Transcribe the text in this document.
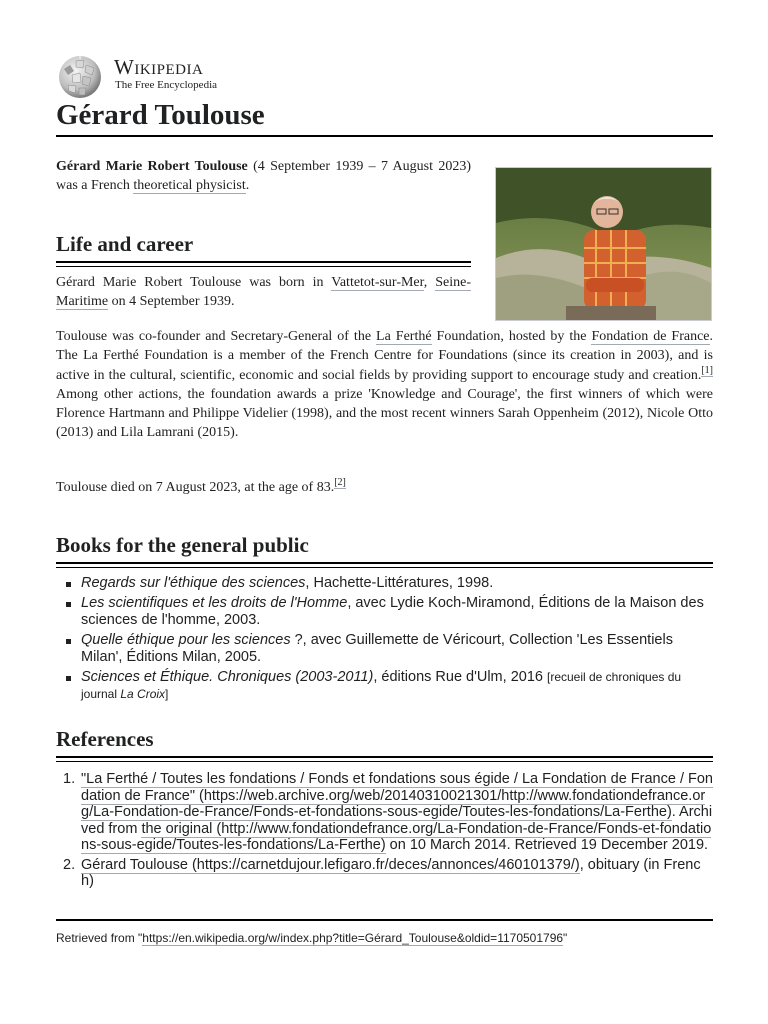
Wikipedia
The Free Encyclopedia
Gérard Toulouse

Gérard Marie Robert Toulouse (4 September 1939 – 7 August 2023) was a French theoretical physicist.

Life and career

Gérard Marie Robert Toulouse was born in Vattetot-sur-Mer, Seine-Maritime on 4 September 1939.

Toulouse was co-founder and Secretary-General of the La Ferthé Foundation, hosted by the Fondation de France. The La Ferthé Foundation is a member of the French Centre for Foundations (since its creation in 2003), and is active in the cultural, scientific, economic and social fields by providing support to encourage study and creation.[1] Among other actions, the foundation awards a prize 'Knowledge and Courage', the first winners of which were Florence Hartmann and Philippe Videlier (1998), and the most recent winners Sarah Oppenheim (2012), Nicole Otto (2013) and Lila Lamrani (2015).

Toulouse died on 7 August 2023, at the age of 83.[2]

Books for the general public
Regards sur l'éthique des sciences, Hachette-Littératures, 1998.
Les scientifiques et les droits de l'Homme, avec Lydie Koch-Miramond, Éditions de la Maison des sciences de l'homme, 2003.
Quelle éthique pour les sciences ?, avec Guillemette de Véricourt, Collection 'Les Essentiels Milan', Éditions Milan, 2005.
Sciences et Éthique. Chroniques (2003-2011), éditions Rue d'Ulm, 2016 [recueil de chroniques du journal La Croix]
References
1. "La Ferthé / Toutes les fondations / Fonds et fondations sous égide / La Fondation de France / Fondation de France" (https://web.archive.org/web/20140310021301/http://www.fondationdefrance.org/La-Fondation-de-France/Fonds-et-fondations-sous-egide/Toutes-les-fondations/La-Ferthe). Archived from the original (http://www.fondationdefrance.org/La-Fondation-de-France/Fonds-et-fondations-sous-egide/Toutes-les-fondations/La-Ferthe) on 10 March 2014. Retrieved 19 December 2019.
2. Gérard Toulouse (https://carnetdujour.lefigaro.fr/deces/annonces/460101379/), obituary (in French)
Retrieved from "https://en.wikipedia.org/w/index.php?title=Gérard_Toulouse&oldid=1170501796"
